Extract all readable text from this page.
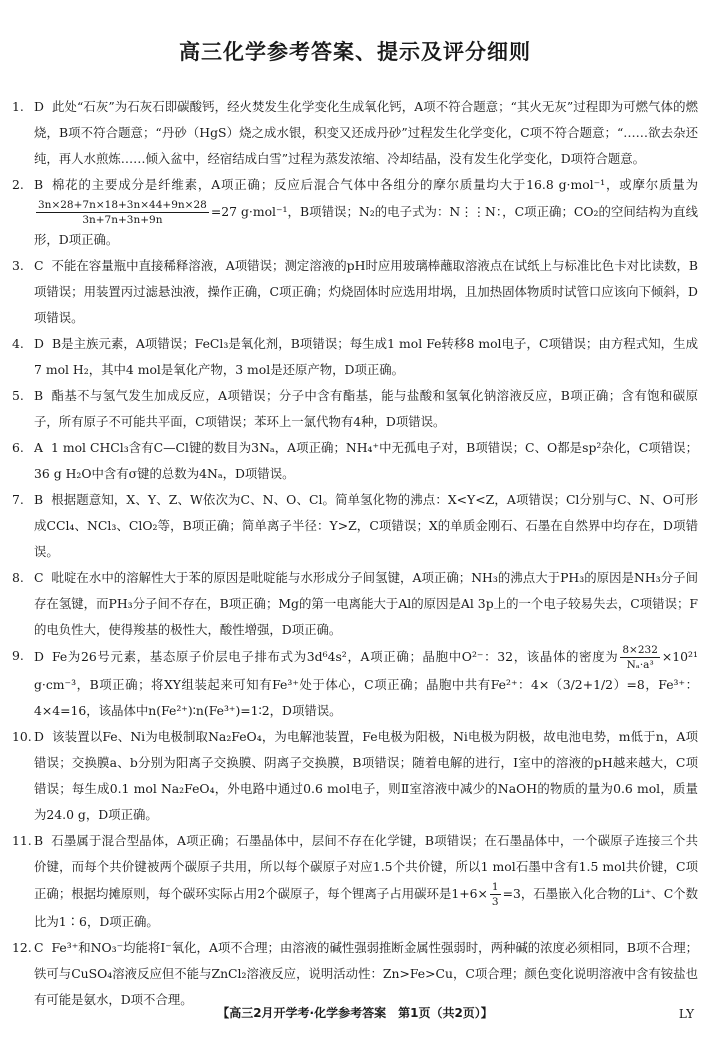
高三化学参考答案、提示及评分细则
1. D 此处“石灰”为石灰石即碳酸钙，经火焚发生化学变化生成氧化钙，A项不符合题意；“其火无灰”过程即为可燃气体的燃烧，B项不符合题意；“丹砂（HgS）烧之成水银，积变又还成丹砂”过程发生化学变化，C项不符合题意；“……欲去杂还纯，再人水煎炼……倾入盆中，经宿结成白雪”过程为蒸发浓缩、冷却结晶，没有发生化学变化，D项符合题意。
2. B 棉花的主要成分是纤维素，A项正确；反应后混合气体中各组分的摩尔质量均大于16.8 g·mol⁻¹，或摩尔质量为
$\frac{3n\times 28+7n\times 18+3n\times 44+9n\times 28}{3n+7n+3n+9n} =27$ g·mol⁻¹，B项错误；N₂的电子式为：N⋮⋮N：，C项正确；CO₂的空间结构为直线形，D项正确。
3. C 不能在容量瓶中直接稀释溶液，A项错误；测定溶液的pH时应用玻璃棒蘸取溶液点在试纸上与标准比色卡对比读数，B项错误；用装置丙过滤悬浊液，操作正确，C项正确；灼烧固体时应选用坩埚，且加热固体物质时试管口应该向下倾斜，D项错误。
4. D B是主族元素，A项错误；FeCl₃是氧化剂，B项错误；每生成1 mol Fe转移8 mol电子，C项错误；由方程式知，生成7 mol H₂，其中4 mol是氧化产物，3 mol是还原产物，D项正确。
5. B 酯基不与氢气发生加成反应，A项错误；分子中含有酯基，能与盐酸和氢氧化钠溶液反应，B项正确；含有饱和碳原子，所有原子不可能共平面，C项错误；苯环上一氯代物有4种，D项错误。
6. A 1 mol CHCl₃含有C—Cl键的数目为3Nₐ，A项正确；NH₄⁺中无孤电子对，B项错误；C、O都是sp²杂化，C项错误；36 g H₂O中含有σ键的总数为4Nₐ，D项错误。
7. B 根据题意知，X、Y、Z、W依次为C、N、O、Cl。简单氢化物的沸点：X<Y<Z，A项错误；Cl分别与C、N、O可形成CCl₄、NCl₃、ClO₂等，B项正确；简单离子半径：Y>Z，C项错误；X的单质金刚石、石墨在自然界中均存在，D项错误。
8. C 吡啶在水中的溶解性大于苯的原因是吡啶能与水形成分子间氢键，A项正确；NH₃的沸点大于PH₃的原因是NH₃分子间存在氢键，而PH₃分子间不存在，B项正确；Mg的第一电离能大于Al的原因是Al 3p上的一个电子较易失去，C项错误；F的电负性大，使得羧基的极性大，酸性增强，D项正确。
9. D Fe为26号元素，基态原子价层电子排布式为3d⁶4s²，A项正确；晶胞中O²⁻：32，该晶体的密度为 $\frac{8\times 232}{\text{Nₐ·a³}} \times 10^{21}$ g·cm⁻³，B项正确；将XY组装起来可知有Fe³⁺处于体心，C项正确；晶胞中共有Fe²⁺：4×（3/2+1/2）=8，Fe³⁺：4×4=16，该晶体中n(Fe²⁺)∶n(Fe³⁺)=1∶2，D项错误。
10. D 该装置以Fe、Ni为电极制取Na₂FeO₄，为电解池装置，Fe电极为阳极，Ni电极为阴极，故电池电势，m低于n，A项错误；交换膜a、b分别为阳离子交换膜、阴离子交换膜，B项错误；随着电解的进行，Ⅰ室中的溶液的pH越来越大，C项错误；每生成0.1 mol Na₂FeO₄，外电路中通过0.6 mol电子，则Ⅱ室溶液中减少的NaOH的物质的量为0.6 mol，质量为24.0 g，D项正确。
11. B 石墨属于混合型晶体，A项正确；石墨晶体中，层间不存在化学键，B项错误；在石墨晶体中，一个碳原子连接三个共价键，而每个共价键被两个碳原子共用，所以每个碳原子对应1.5个共价键，所以1 mol石墨中含有1.5 mol共价键，C项正确；根据均摊原则，每个碳环实际占用2个碳原子，每个锂离子占用碳环是$1+6\times \frac{1}{3} =3$，石墨嵌入化合物的Li⁺、C个数比为1∶6，D项正确。
12. C Fe³⁺和NO₃⁻均能将I⁻氧化，A项不合理；由溶液的碱性强弱推断金属性强弱时，两种碱的浓度必须相同，B项不合理；铁可与CuSO₄溶液反应但不能与ZnCl₂溶液反应，说明活动性：Zn>Fe>Cu，C项合理；颜色变化说明溶液中含有铵盐也有可能是氨水，D项不合理。
【高三2月开学考·化学参考答案　第1页（共2页）】	LY
